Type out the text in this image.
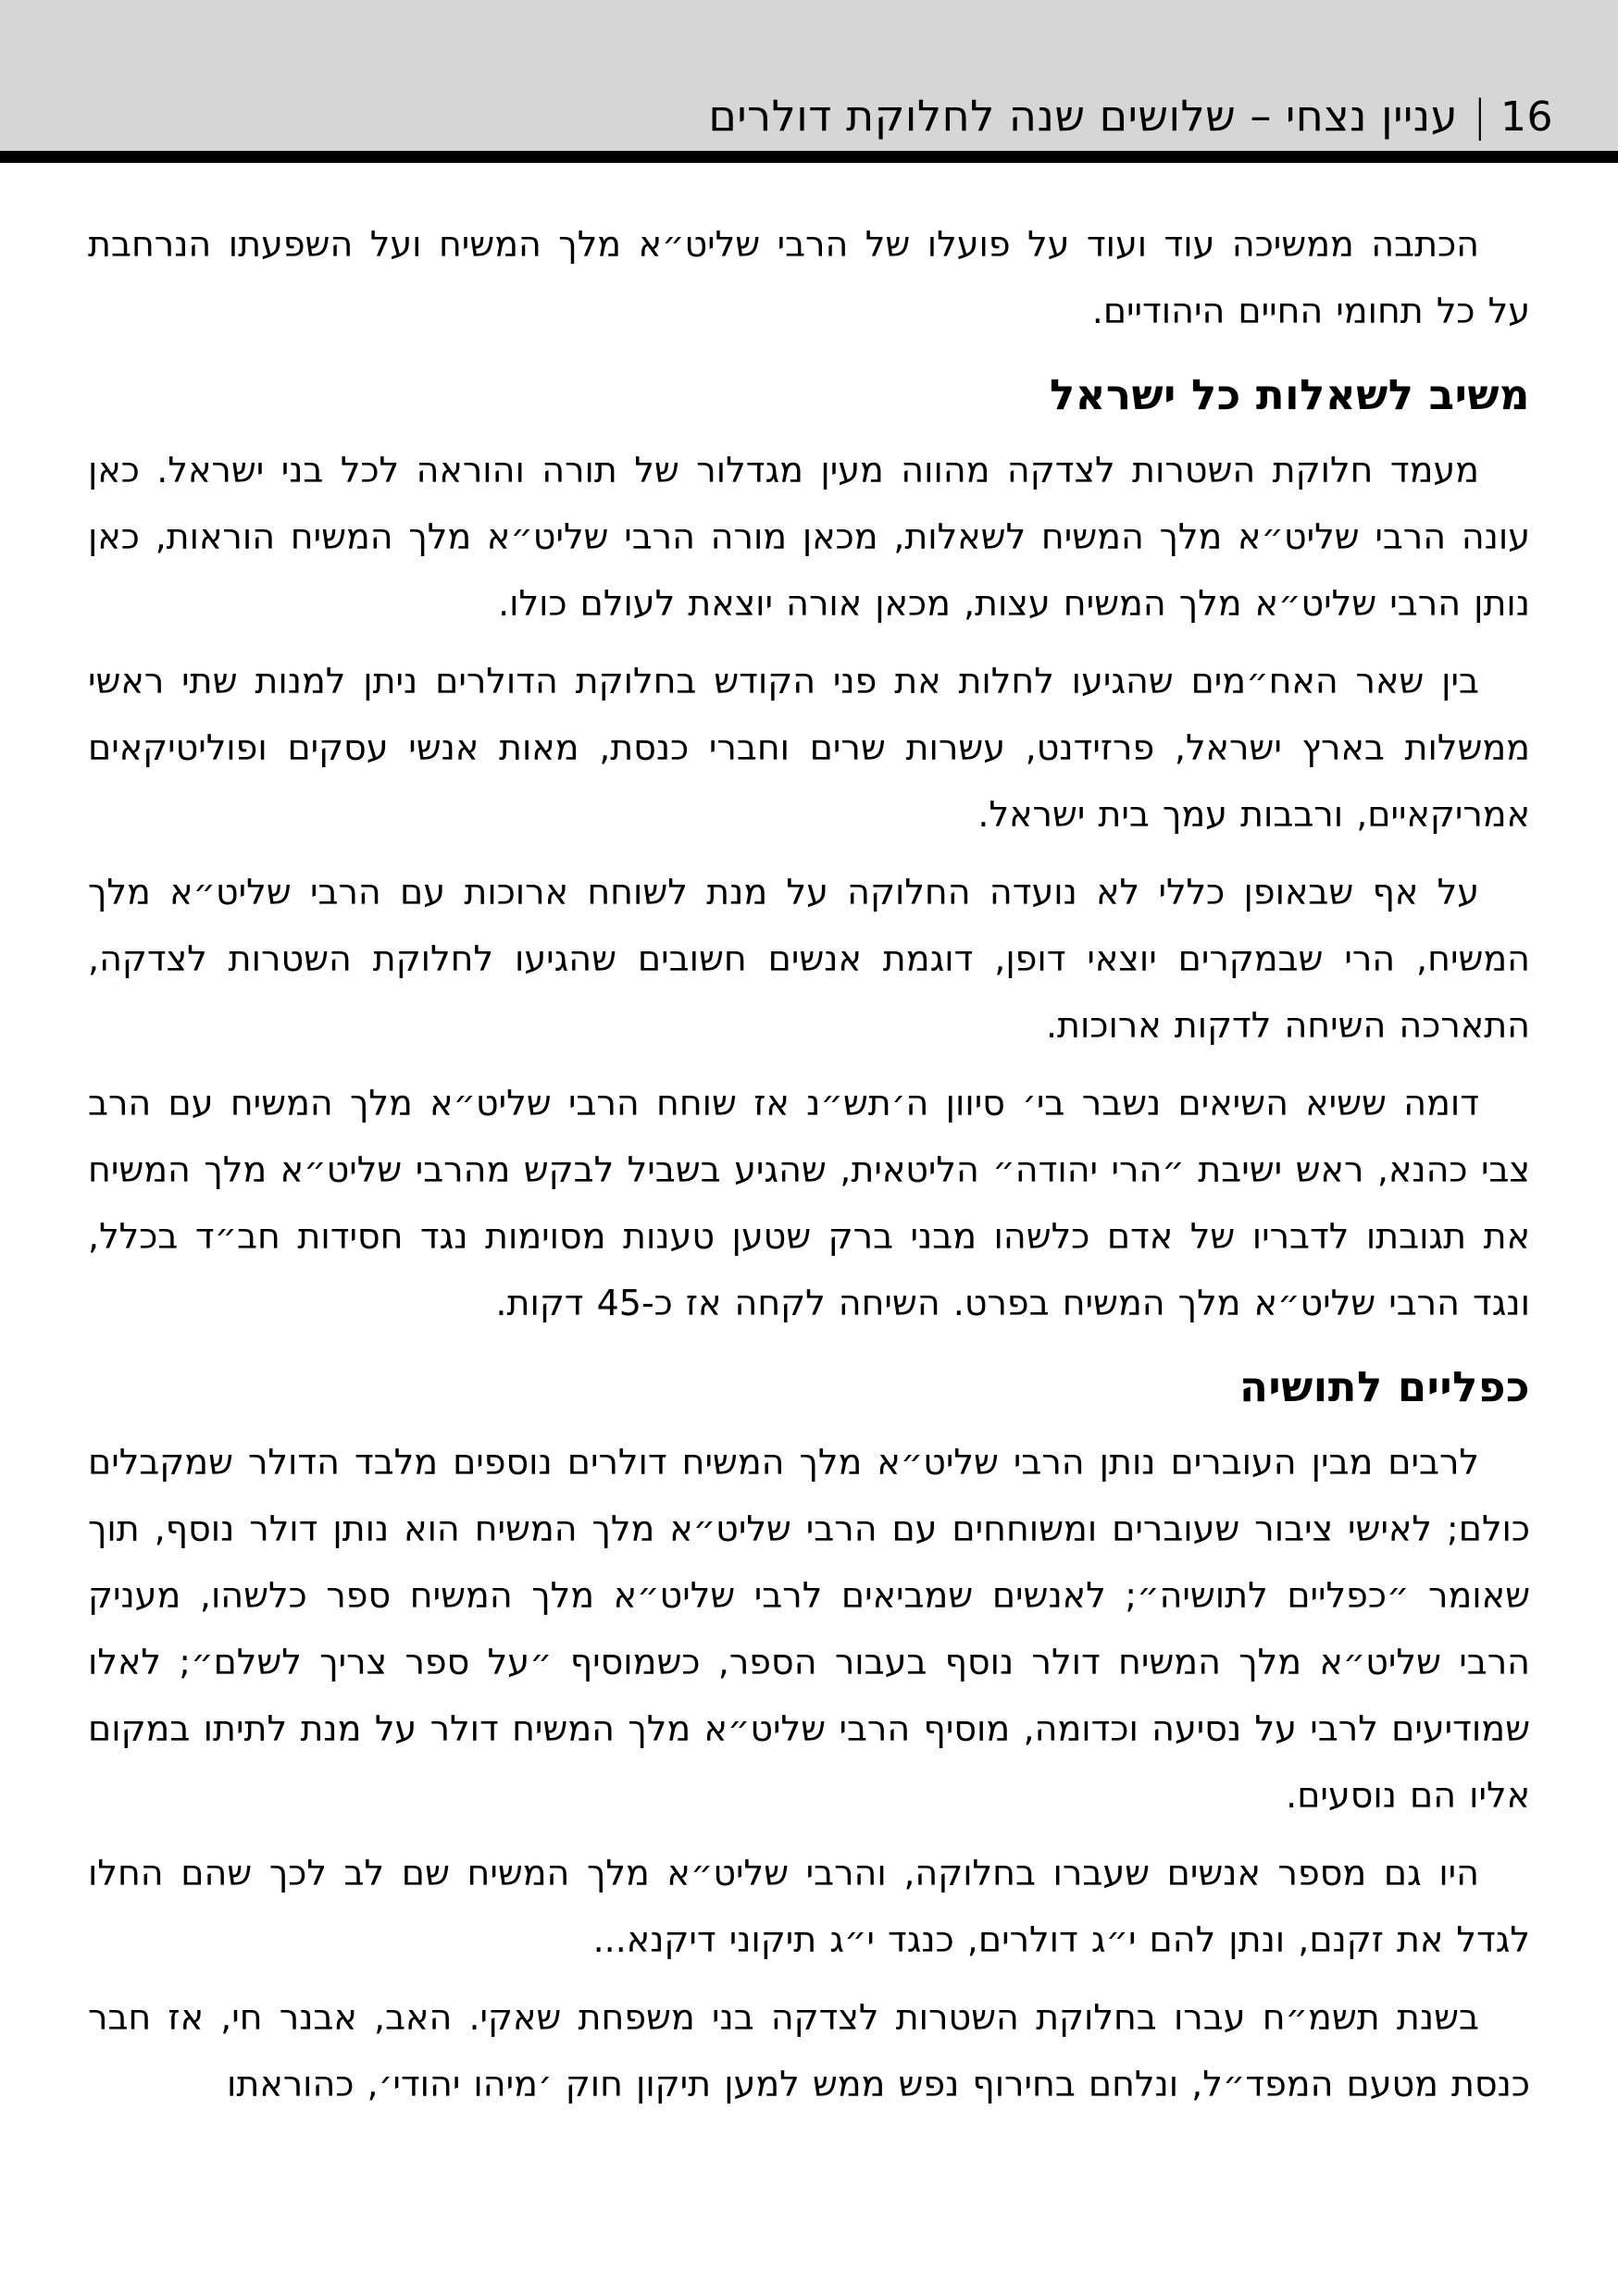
16|עניין נצחי – שלושים שנה לחלוקת דולרים

הכתבה ממשיכה עוד ועוד על פועלו של הרבי שליט״א מלך המשיח ועל השפעתו הנרחבת על כל תחומי החיים היהודיים.

משיב לשאלות כל ישראל

מעמד חלוקת השטרות לצדקה מהווה מעין מגדלור של תורה והוראה לכל בני ישראל. כאן עונה הרבי שליט״א מלך המשיח לשאלות, מכאן מורה הרבי שליט״א מלך המשיח הוראות, כאן נותן הרבי שליט״א מלך המשיח עצות, מכאן אורה יוצאת לעולם כולו.

בין שאר האח״מים שהגיעו לחלות את פני הקודש בחלוקת הדולרים ניתן למנות שתי ראשי ממשלות בארץ ישראל, פרזידנט, עשרות שרים וחברי כנסת, מאות אנשי עסקים ופוליטיקאים אמריקאיים, ורבבות עמך בית ישראל.

על אף שבאופן כללי לא נועדה החלוקה על מנת לשוחח ארוכות עם הרבי שליט״א מלך המשיח, הרי שבמקרים יוצאי דופן, דוגמת אנשים חשובים שהגיעו לחלוקת השטרות לצדקה, התארכה השיחה לדקות ארוכות.

דומה ששיא השיאים נשבר בי׳ סיוון ה׳תש״נ אז שוחח הרבי שליט״א מלך המשיח עם הרב צבי כהנא, ראש ישיבת ״הרי יהודה״ הליטאית, שהגיע בשביל לבקש מהרבי שליט״א מלך המשיח את תגובתו לדבריו של אדם כלשהו מבני ברק שטען טענות מסוימות נגד חסידות חב״ד בכלל, ונגד הרבי שליט״א מלך המשיח בפרט. השיחה לקחה אז כ-45 דקות.

כפליים לתושיה

לרבים מבין העוברים נותן הרבי שליט״א מלך המשיח דולרים נוספים מלבד הדולר שמקבלים כולם; לאישי ציבור שעוברים ומשוחחים עם הרבי שליט״א מלך המשיח הוא נותן דולר נוסף, תוך שאומר ״כפליים לתושיה״; לאנשים שמביאים לרבי שליט״א מלך המשיח ספר כלשהו, מעניק הרבי שליט״א מלך המשיח דולר נוסף בעבור הספר, כשמוסיף ״על ספר צריך לשלם״; לאלו שמודיעים לרבי על נסיעה וכדומה, מוסיף הרבי שליט״א מלך המשיח דולר על מנת לתיתו במקום אליו הם נוסעים.

היו גם מספר אנשים שעברו בחלוקה, והרבי שליט״א מלך המשיח שם לב לכך שהם החלו לגדל את זקנם, ונתן להם י״ג דולרים, כנגד י״ג תיקוני דיקנא...

בשנת תשמ״ח עברו בחלוקת השטרות לצדקה בני משפחת שאקי. האב, אבנר חי, אז חבר כנסת מטעם המפד״ל, ונלחם בחירוף נפש ממש למען תיקון חוק ׳מיהו יהודי׳, כהוראתו
